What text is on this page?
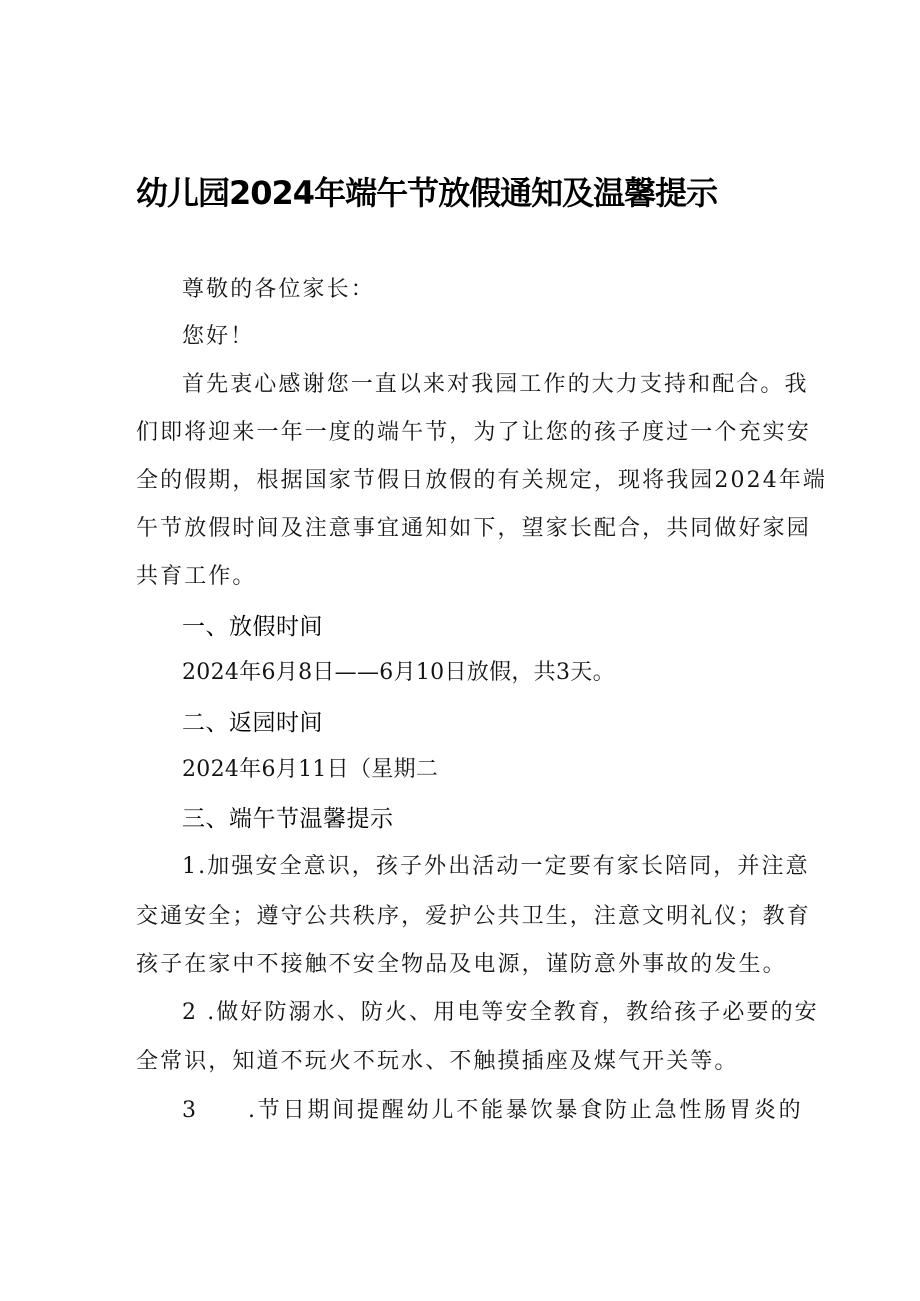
幼儿园2024年端午节放假通知及温馨提示

尊敬的各位家长：

您好！

首先衷心感谢您一直以来对我园工作的大力支持和配合。我

们即将迎来一年一度的端午节，为了让您的孩子度过一个充实安

全的假期，根据国家节假日放假的有关规定，现将我园2024年端

午节放假时间及注意事宜通知如下，望家长配合，共同做好家园

共育工作。

一、放假时间

2024年6月8日——6月10日放假，共3天。

二、返园时间

2024年6月11日（星期二

三、端午节温馨提示

1.加强安全意识，孩子外出活动一定要有家长陪同，并注意

交通安全；遵守公共秩序，爱护公共卫生，注意文明礼仪；教育

孩子在家中不接触不安全物品及电源，谨防意外事故的发生。

2 .做好防溺水、防火、用电等安全教育，教给孩子必要的安

全常识，知道不玩火不玩水、不触摸插座及煤气开关等。

3 .节日期间提醒幼儿不能暴饮暴食防止急性肠胃炎的
